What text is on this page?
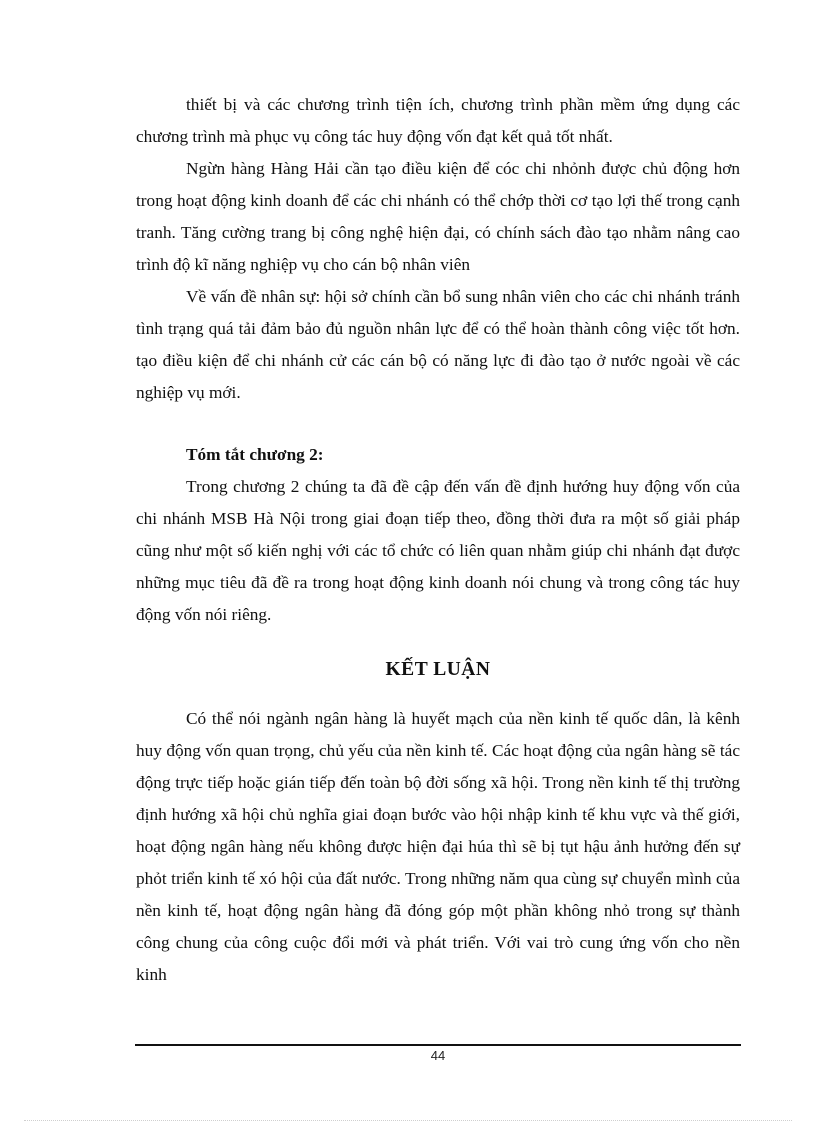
thiết bị và các chương trình tiện ích, chương trình phần mềm ứng dụng các chương trình mà phục vụ công tác huy động vốn đạt kết quả tốt nhất.

Ngừn hàng Hàng Hải cần tạo điều kiện để cóc chi nhỏnh được chủ động hơn trong hoạt động kinh doanh để các chi nhánh có thể chớp thời cơ tạo lợi thế trong cạnh tranh. Tăng cường trang bị công nghệ hiện đại, có chính sách đào tạo nhằm nâng cao trình độ kĩ năng nghiệp vụ cho cán bộ nhân viên

Về vấn đề nhân sự: hội sở chính cần bổ sung nhân viên cho các chi nhánh tránh tình trạng quá tải đảm bảo đủ nguồn nhân lực để có thể hoàn thành công việc tốt hơn. tạo điều kiện để chi nhánh cử các cán bộ có năng lực đi đào tạo ở nước ngoài về các nghiệp vụ mới.

Tóm tắt chương 2:

Trong chương 2 chúng ta đã đề cập đến vấn đề định hướng huy động vốn của chi nhánh MSB Hà Nội trong giai đoạn tiếp theo, đồng thời đưa ra một số giải pháp cũng như một số kiến nghị với các tổ chức có liên quan nhằm giúp chi nhánh đạt được những mục tiêu đã đề ra trong hoạt động kinh doanh nói chung và trong công tác huy động vốn nói riêng.

KẾT LUẬN

Có thể nói ngành ngân hàng là huyết mạch của nền kinh tế quốc dân, là kênh huy động vốn quan trọng, chủ yếu của nền kinh tế. Các hoạt động của ngân hàng sẽ tác động trực tiếp hoặc gián tiếp đến toàn bộ đời sống xã hội. Trong nền kinh tế thị trường định hướng xã hội chủ nghĩa giai đoạn bước vào hội nhập kinh tế khu vực và thế giới, hoạt động ngân hàng nếu không được hiện đại húa thì sẽ bị tụt hậu ảnh hưởng đến sự phỏt triển kinh tế xó hội của đất nước. Trong những năm qua cùng sự chuyển mình của nền kinh tế, hoạt động ngân hàng đã đóng góp một phần không nhỏ trong sự thành công chung của công cuộc đổi mới và phát triển. Với vai trò cung ứng vốn cho nền kinh

44
